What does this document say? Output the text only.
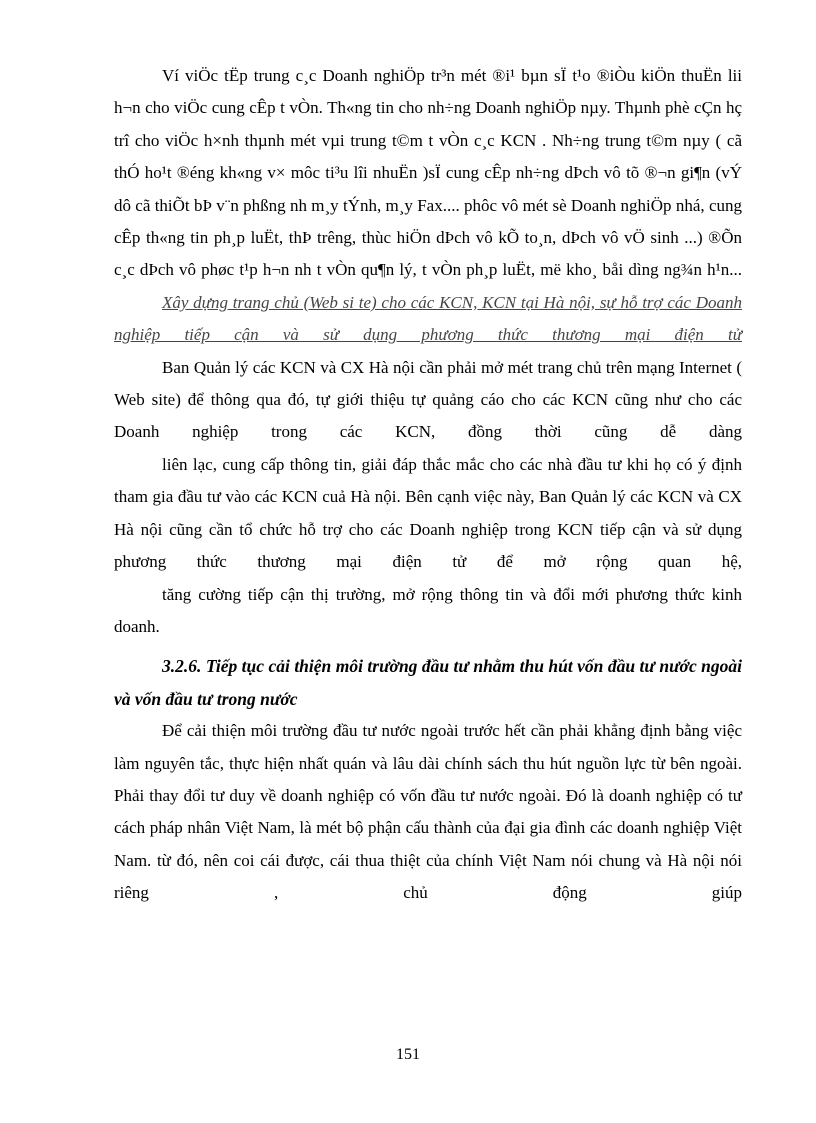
Ví viÖc tËp trung c¸c Doanh nghiÖp tr³n mét ®i¹ bµn sÏ t¹o ®iÒu kiÖn thuËn lii h¬n cho viÖc cung cÊp t vÒn. Th«ng tin cho nh÷ng Doanh nghiÖp nµy. Thµnh phè cÇn hç trî cho viÖc h×nh thµnh mét vµi trung t©m t vÒn c¸c KCN . Nh÷ng trung t©m nµy ( cã thÓ ho¹t ®éng kh«ng v× môc ti³u lîi nhuËn )sÏ cung cÊp nh÷ng dÞch vô tõ ®¬n gi¶n (vÝ dô cã thiÕt bÞ v¨n phßng nh m¸y tÝnh, m¸y Fax.... phôc vô mét sè Doanh nghiÖp nhá, cung cÊp th«ng tin ph¸p luËt, thÞ trêng, thùc hiÖn dÞch vô kÕ to¸n, dÞch vô vÖ sinh ...) ®Õn c¸c dÞch vô phøc t¹p h¬n nh t vÒn qu¶n lý, t vÒn ph¸p luËt, më kho¸ båi dìng ng¾n h¹n...

Xây dựng trang chủ (Web si te) cho các KCN, KCN tại Hà nội, sự hỗ trợ các Doanh nghiệp tiếp cận và sử dụng phương thức thương mại điện tử

Ban Quản lý các KCN và CX Hà nội cần phải mở mét trang chủ trên mạng Internet ( Web site) để thông qua đó, tự giới thiệu tự quảng cáo cho các KCN cũng như cho các Doanh nghiệp trong các KCN, đồng thời cũng dễ dàng

liên lạc, cung cấp thông tin, giải đáp thắc mắc cho các nhà đầu tư khi họ có ý định tham gia đầu tư vào các KCN cuả Hà nội. Bên cạnh việc này, Ban Quản lý các KCN và CX Hà nội cũng cần tổ chức hỗ trợ cho các Doanh nghiệp trong KCN tiếp cận và sử dụng phương thức thương mại điện tử để mở rộng quan hệ,

tăng cường tiếp cận thị trường, mở rộng thông tin và đổi mới phương thức kinh doanh.

3.2.6. Tiếp tục cải thiện môi trường đầu tư nhằm thu hút vốn đầu tư nước ngoài và vốn đầu tư trong nước

Để cải thiện môi trường đầu tư nước ngoài trước hết cần phải khẳng định bằng việc làm nguyên tắc, thực hiện nhất quán và lâu dài chính sách thu hút nguồn lực từ bên ngoài. Phải thay đổi tư duy về doanh nghiệp có vốn đầu tư nước ngoài. Đó là doanh nghiệp có tư cách pháp nhân Việt Nam, là mét bộ phận cấu thành của đại gia đình các doanh nghiệp Việt Nam. từ đó, nên coi cái được, cái thua thiệt của chính Việt Nam nói chung và Hà nội nói riêng , chủ động giúp

151
